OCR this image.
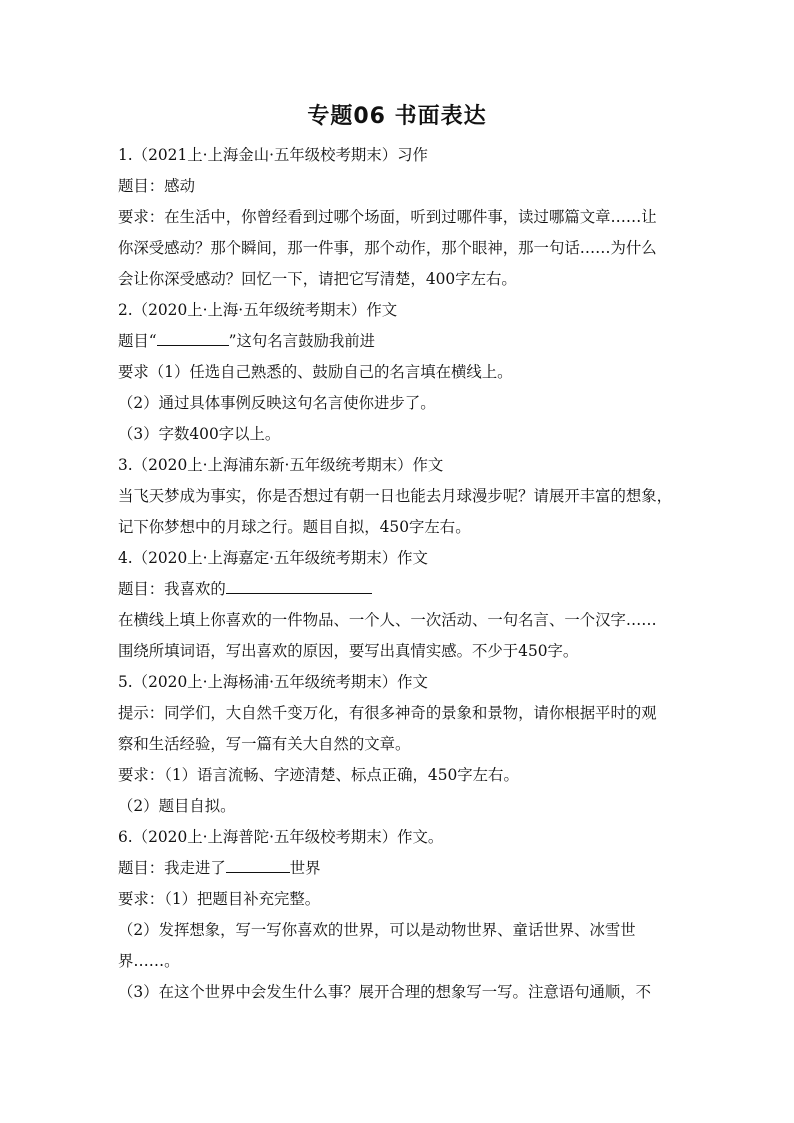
专题06 书面表达
1.（2021上·上海金山·五年级校考期末）习作
题目：感动
要求：在生活中，你曾经看到过哪个场面，听到过哪件事，读过哪篇文章……让
你深受感动？那个瞬间，那一件事，那个动作，那个眼神，那一句话……为什么
会让你深受感动？回忆一下，请把它写清楚，400字左右。
2.（2020上·上海·五年级统考期末）作文
题目“	”这句名言鼓励我前进
要求（1）任选自己熟悉的、鼓励自己的名言填在横线上。
（2）通过具体事例反映这句名言使你进步了。
（3）字数400字以上。
3.（2020上·上海浦东新·五年级统考期末）作文
当飞天梦成为事实，你是否想过有朝一日也能去月球漫步呢？请展开丰富的想象，
记下你梦想中的月球之行。题目自拟，450字左右。
4.（2020上·上海嘉定·五年级统考期末）作文
题目：我喜欢的
在横线上填上你喜欢的一件物品、一个人、一次活动、一句名言、一个汉字……
围绕所填词语，写出喜欢的原因，要写出真情实感。不少于450字。
5.（2020上·上海杨浦·五年级统考期末）作文
提示：同学们，大自然千变万化，有很多神奇的景象和景物，请你根据平时的观
察和生活经验，写一篇有关大自然的文章。
要求：（1）语言流畅、字迹清楚、标点正确，450字左右。
（2）题目自拟。
6.（2020上·上海普陀·五年级校考期末）作文。
题目：我走进了	世界
要求：（1）把题目补充完整。
（2）发挥想象，写一写你喜欢的世界，可以是动物世界、童话世界、冰雪世
界……。
（3）在这个世界中会发生什么事？展开合理的想象写一写。注意语句通顺，不
